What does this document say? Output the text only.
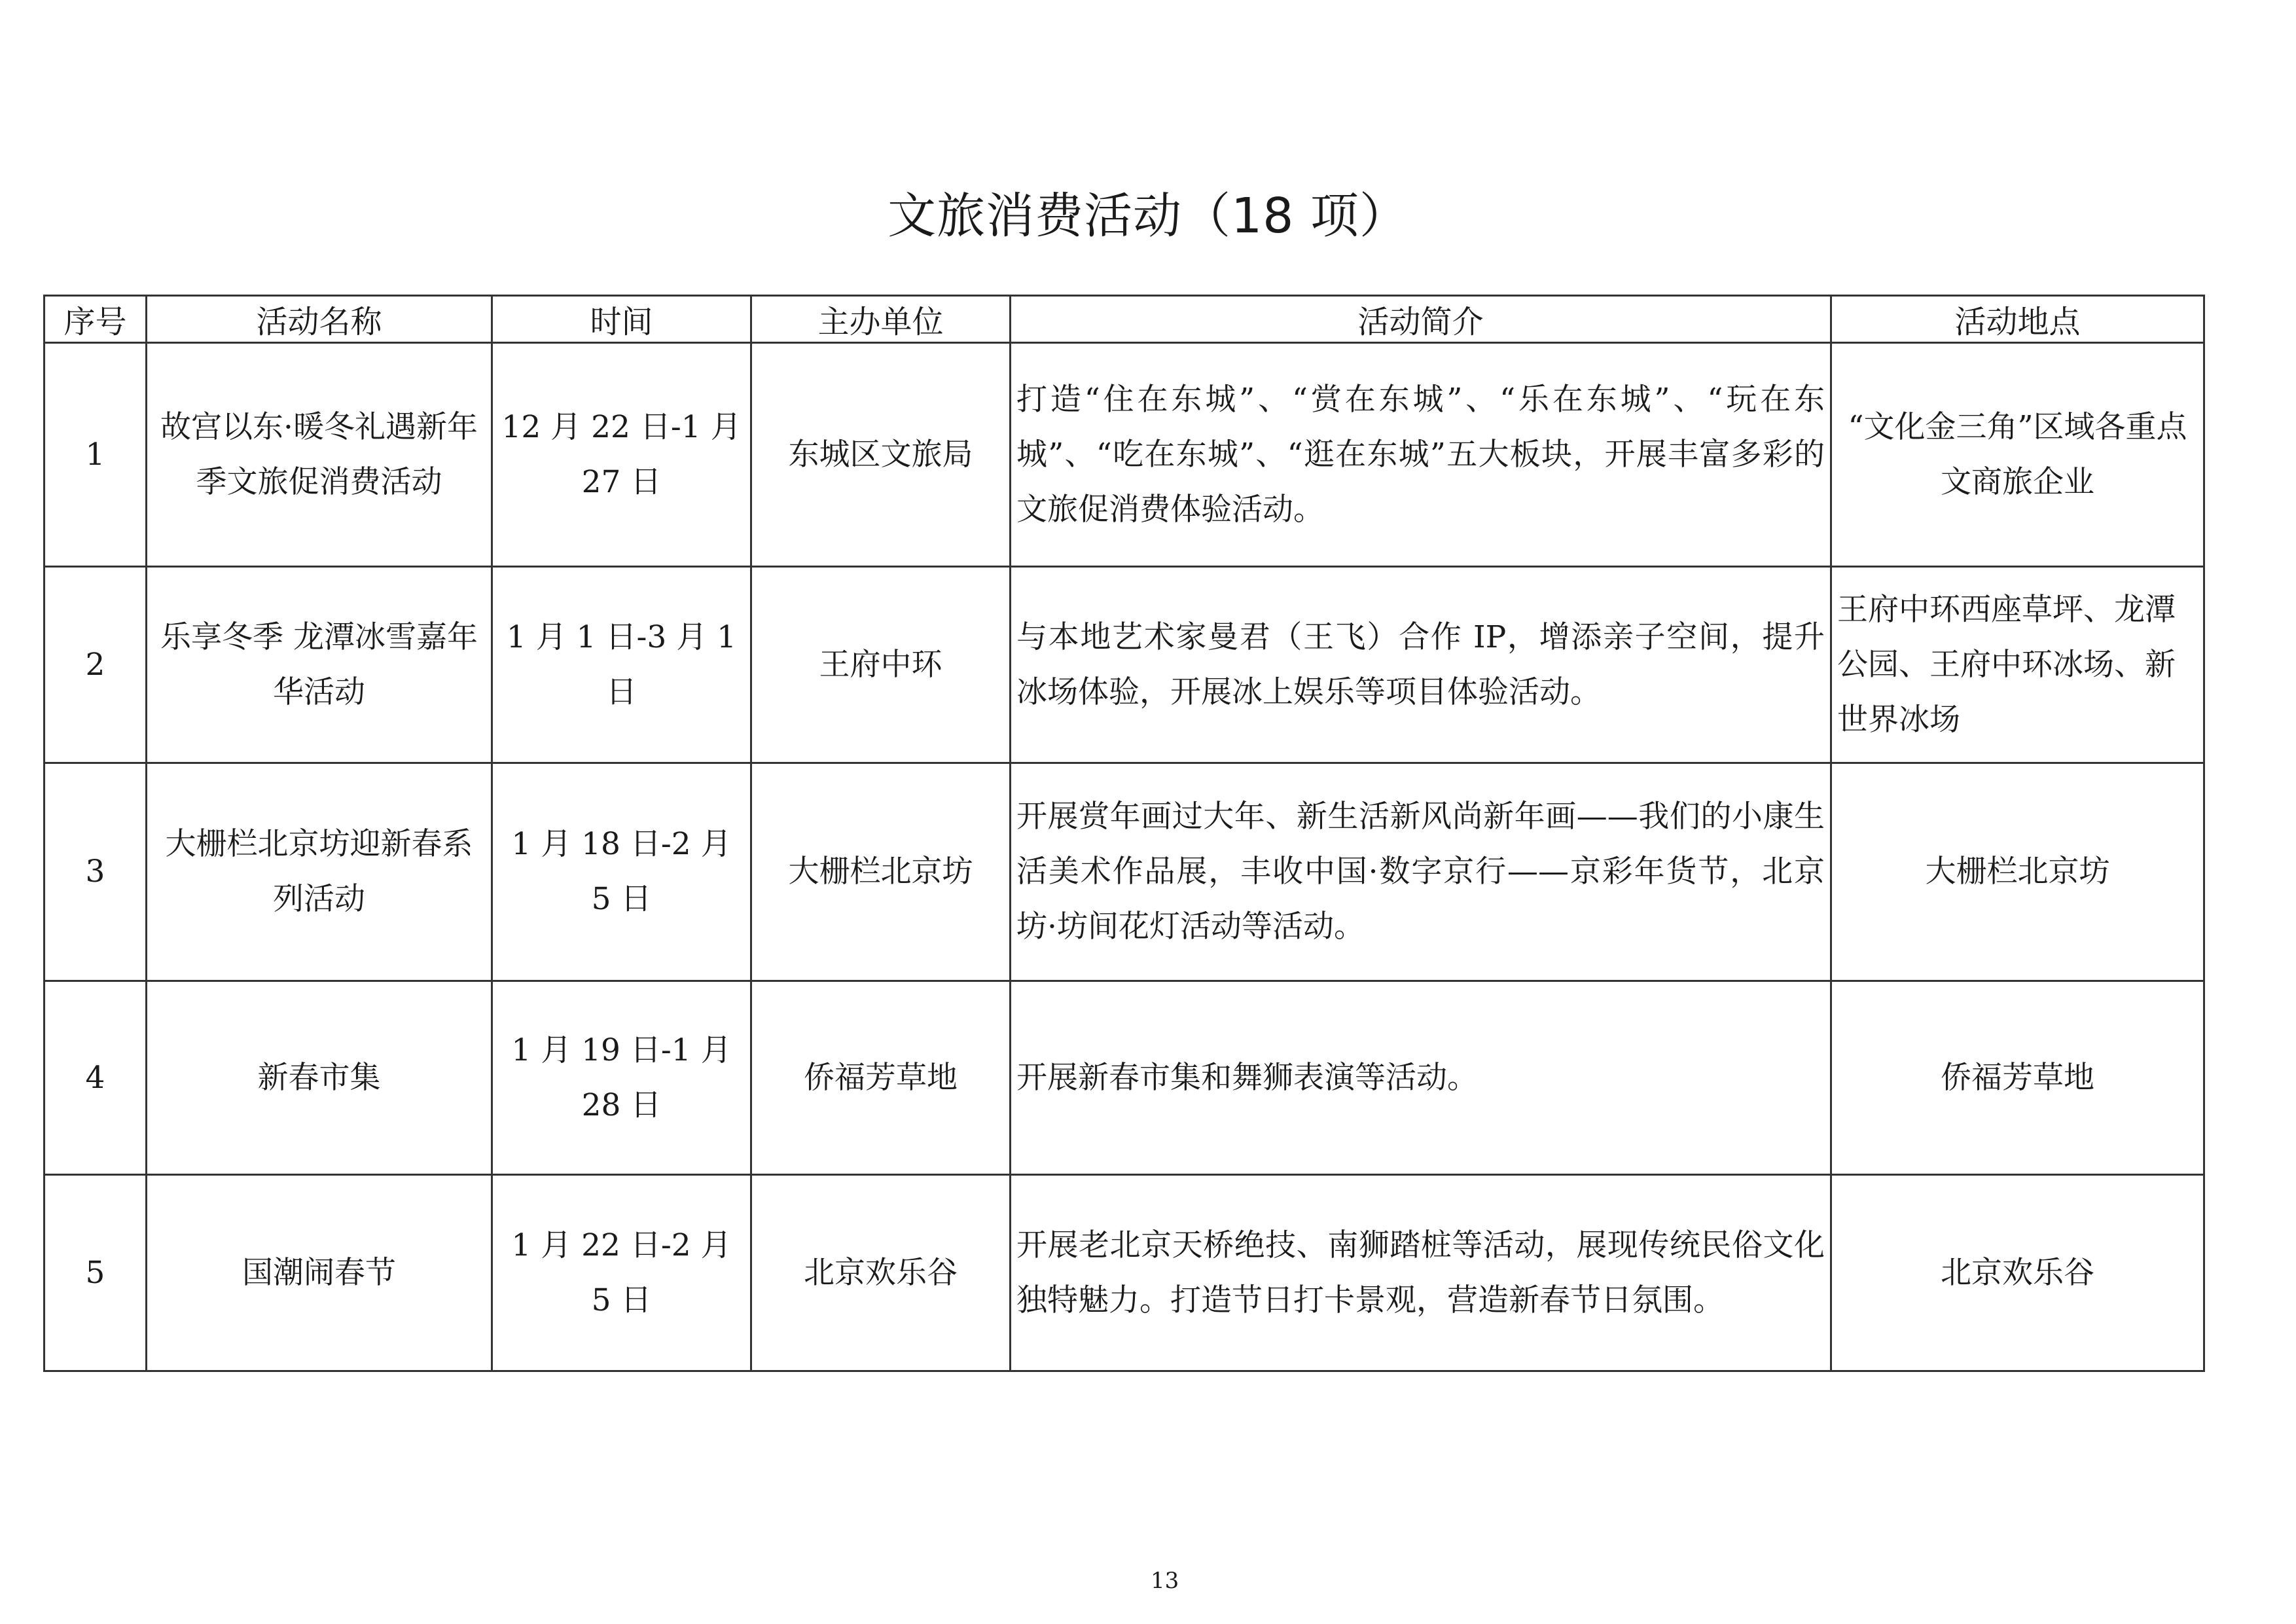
文旅消费活动（18 项）
序号	活动名称	时间	主办单位	活动简介	活动地点
1	故宫以东·暖冬礼遇新年季文旅促消费活动	12 月 22 日-1 月 27 日	东城区文旅局	打造“住在东城”、“赏在东城”、“乐在东城”、“玩在东城”、“吃在东城”、“逛在东城”五大板块，开展丰富多彩的文旅促消费体验活动。	“文化金三角”区域各重点文商旅企业
2	乐享冬季 龙潭冰雪嘉年华活动	1 月 1 日-3 月 1 日	王府中环	与本地艺术家曼君（王飞）合作 IP，增添亲子空间，提升冰场体验，开展冰上娱乐等项目体验活动。	王府中环西座草坪、龙潭公园、王府中环冰场、新世界冰场
3	大栅栏北京坊迎新春系列活动	1 月 18 日-2 月 5 日	大栅栏北京坊	开展赏年画过大年、新生活新风尚新年画——我们的小康生活美术作品展，丰收中国·数字京行——京彩年货节，北京坊·坊间花灯活动等活动。	大栅栏北京坊
4	新春市集	1 月 19 日-1 月 28 日	侨福芳草地	开展新春市集和舞狮表演等活动。	侨福芳草地
5	国潮闹春节	1 月 22 日-2 月 5 日	北京欢乐谷	开展老北京天桥绝技、南狮踏桩等活动，展现传统民俗文化独特魅力。打造节日打卡景观，营造新春节日氛围。	北京欢乐谷
13
